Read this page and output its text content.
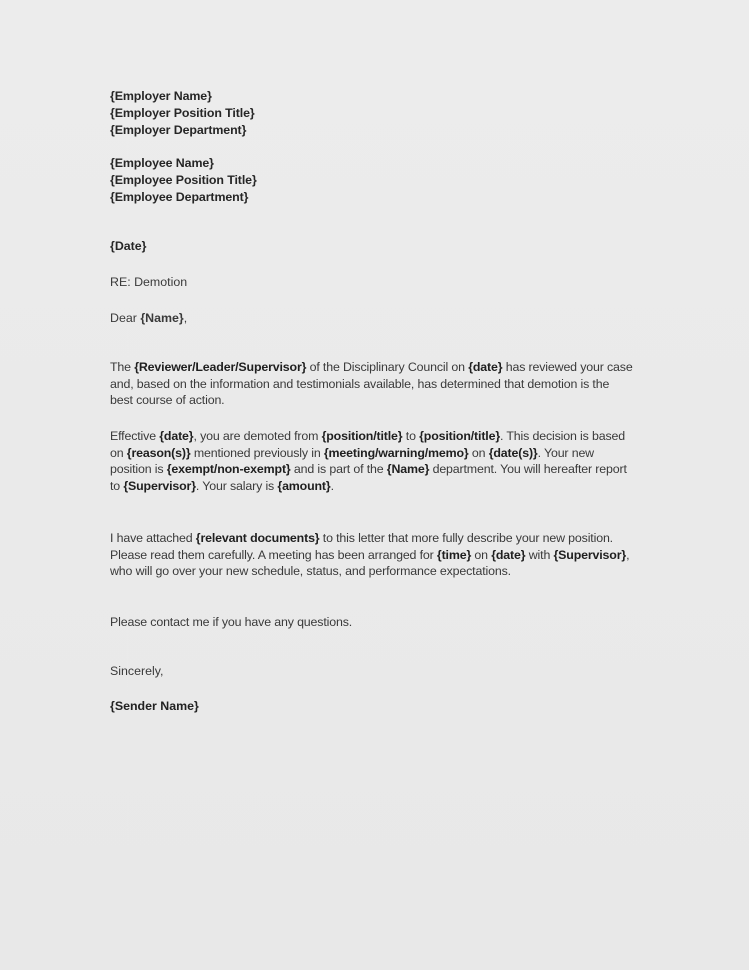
{Employer Name}
{Employer Position Title}
{Employer Department}
{Employee Name}
{Employee Position Title}
{Employee Department}
{Date}
RE: Demotion
Dear {Name},
The {Reviewer/Leader/Supervisor} of the Disciplinary Council on {date} has reviewed your case and, based on the information and testimonials available, has determined that demotion is the best course of action.
Effective {date}, you are demoted from {position/title} to {position/title}. This decision is based on {reason(s)} mentioned previously in {meeting/warning/memo} on {date(s)}. Your new position is {exempt/non-exempt} and is part of the {Name} department. You will hereafter report to {Supervisor}. Your salary is {amount}.
I have attached {relevant documents} to this letter that more fully describe your new position. Please read them carefully. A meeting has been arranged for {time} on {date} with {Supervisor}, who will go over your new schedule, status, and performance expectations.
Please contact me if you have any questions.
Sincerely,
{Sender Name}
